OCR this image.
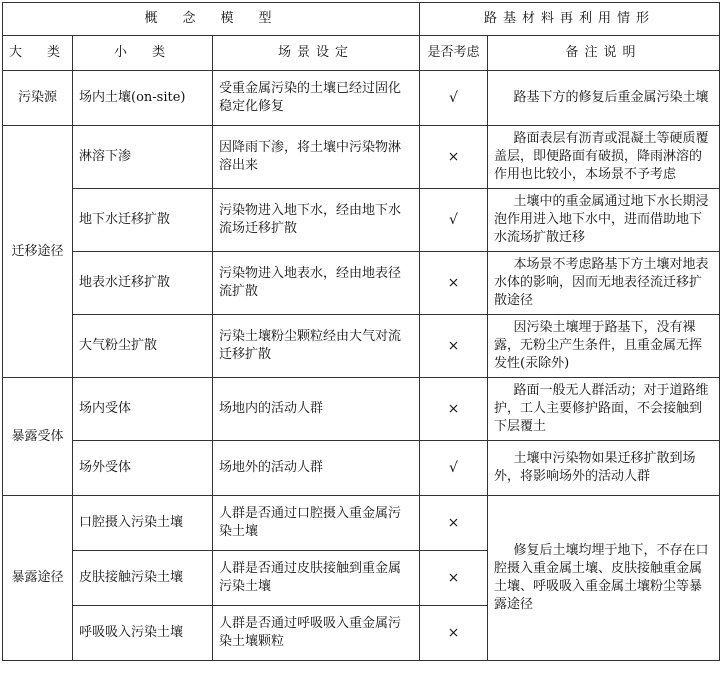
概　念　模　型			路基材料再利用情形	
大　类	小　类	场景设定	是否考虑	备注说明
污染源	场内土壤(on-site)	受重金属污染的土壤已经过固化稳定化修复	√	路基下方的修复后重金属污染土壤
迁移途径	淋溶下渗	因降雨下渗，将土壤中污染物淋溶出来	×	路面表层有沥青或混凝土等硬质覆盖层，即便路面有破损，降雨淋溶的作用也比较小，本场景不予考虑
	地下水迁移扩散	污染物进入地下水，经由地下水流场迁移扩散	√	土壤中的重金属通过地下水长期浸泡作用进入地下水中，进而借助地下水流场扩散迁移
	地表水迁移扩散	污染物进入地表水，经由地表径流扩散	×	本场景不考虑路基下方土壤对地表水体的影响，因而无地表径流迁移扩散途径
	大气粉尘扩散	污染土壤粉尘颗粒经由大气对流迁移扩散	×	因污染土壤埋于路基下，没有裸露，无粉尘产生条件，且重金属无挥发性(汞除外)
暴露受体	场内受体	场地内的活动人群	×	路面一般无人群活动；对于道路维护，工人主要修护路面，不会接触到下层覆土
	场外受体	场地外的活动人群	√	土壤中污染物如果迁移扩散到场外，将影响场外的活动人群
暴露途径	口腔摄入污染土壤	人群是否通过口腔摄入重金属污染土壤	×	修复后土壤均埋于地下，不存在口腔摄入重金属土壤、皮肤接触重金属土壤、呼吸吸入重金属土壤粉尘等暴露途径
	皮肤接触污染土壤	人群是否通过皮肤接触到重金属污染土壤	×	
	呼吸吸入污染土壤	人群是否通过呼吸吸入重金属污染土壤颗粒	×	
